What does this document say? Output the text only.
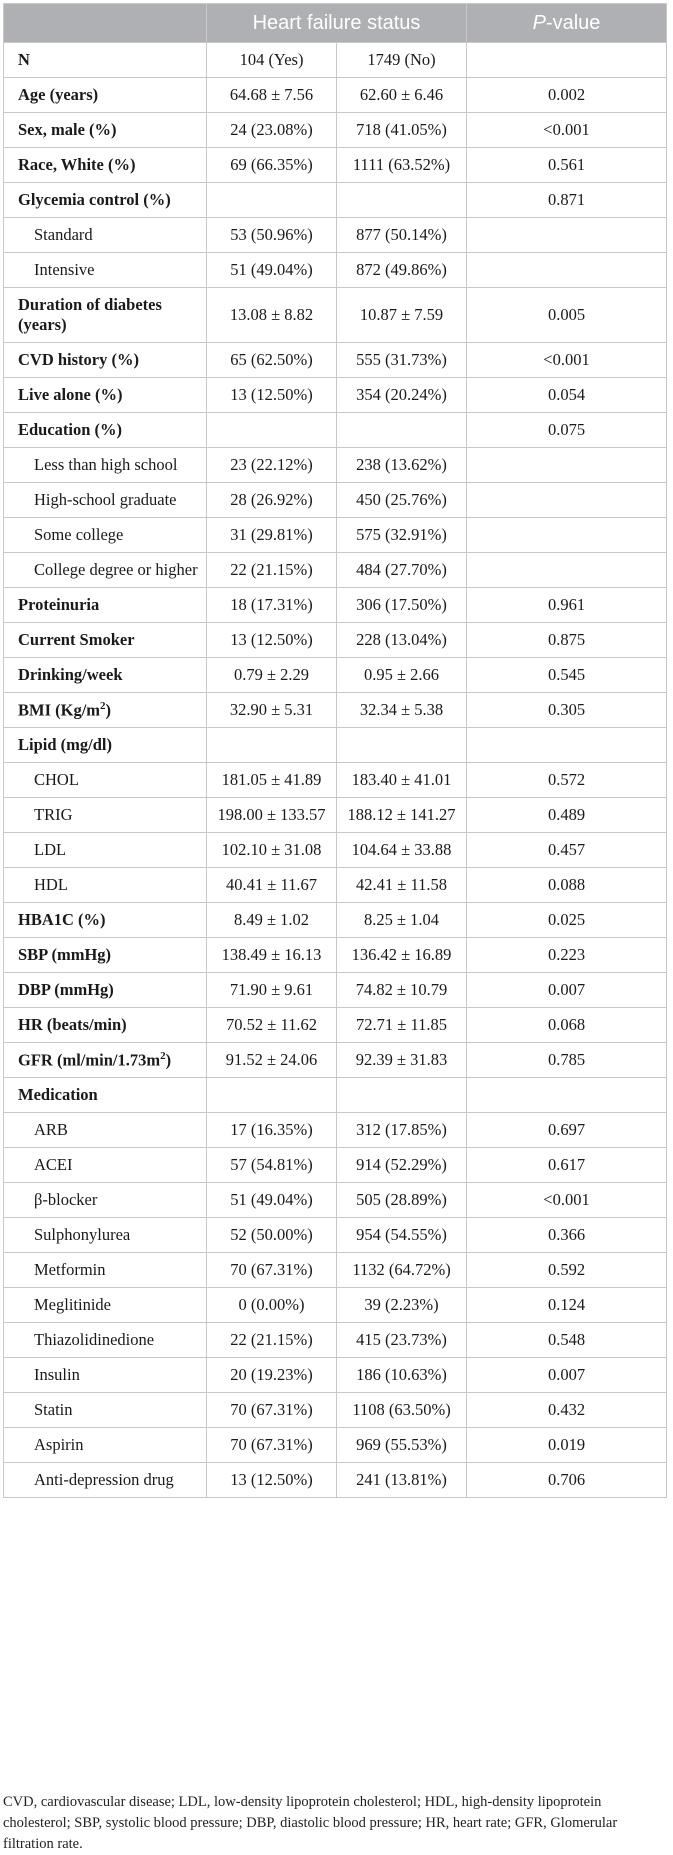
	Heart failure status		P-value
N	104 (Yes)	1749 (No)	
Age (years)	64.68 ± 7.56	62.60 ± 6.46	0.002
Sex, male (%)	24 (23.08%)	718 (41.05%)	<0.001
Race, White (%)	69 (66.35%)	1111 (63.52%)	0.561
Glycemia control (%)			0.871
Standard	53 (50.96%)	877 (50.14%)	
Intensive	51 (49.04%)	872 (49.86%)	
Duration of diabetes (years)	13.08 ± 8.82	10.87 ± 7.59	0.005
CVD history (%)	65 (62.50%)	555 (31.73%)	<0.001
Live alone (%)	13 (12.50%)	354 (20.24%)	0.054
Education (%)			0.075
Less than high school	23 (22.12%)	238 (13.62%)	
High-school graduate	28 (26.92%)	450 (25.76%)	
Some college	31 (29.81%)	575 (32.91%)	
College degree or higher	22 (21.15%)	484 (27.70%)	
Proteinuria	18 (17.31%)	306 (17.50%)	0.961
Current Smoker	13 (12.50%)	228 (13.04%)	0.875
Drinking/week	0.79 ± 2.29	0.95 ± 2.66	0.545
BMI $(Kg/m^2)$	32.90 ± 5.31	32.34 ± 5.38	0.305
Lipid (mg/dl)			
CHOL	181.05 ± 41.89	183.40 ± 41.01	0.572
TRIG	198.00 ± 133.57	188.12 ± 141.27	0.489
LDL	102.10 ± 31.08	104.64 ± 33.88	0.457
HDL	40.41 ± 11.67	42.41 ± 11.58	0.088
HBA1C (%)	8.49 ± 1.02	8.25 ± 1.04	0.025
SBP (mmHg)	138.49 ± 16.13	136.42 ± 16.89	0.223
DBP (mmHg)	71.90 ± 9.61	74.82 ± 10.79	0.007
HR (beats/min)	70.52 ± 11.62	72.71 ± 11.85	0.068
GFR $(ml/\min/1.73m^2)$	91.52 ± 24.06	92.39 ± 31.83	0.785
Medication			
ARB	17 (16.35%)	312 (17.85%)	0.697
ACEI	57 (54.81%)	914 (52.29%)	0.617
β-blocker	51 (49.04%)	505 (28.89%)	<0.001
Sulphonylurea	52 (50.00%)	954 (54.55%)	0.366
Metformin	70 (67.31%)	1132 (64.72%)	0.592
Meglitinide	0 (0.00%)	39 (2.23%)	0.124
Thiazolidinedione	22 (21.15%)	415 (23.73%)	0.548
Insulin	20 (19.23%)	186 (10.63%)	0.007
Statin	70 (67.31%)	1108 (63.50%)	0.432
Aspirin	70 (67.31%)	969 (55.53%)	0.019
Anti-depression drug	13 (12.50%)	241 (13.81%)	0.706
CVD, cardiovascular disease; LDL, low-density lipoprotein cholesterol; HDL, high-density lipoprotein cholesterol; SBP, systolic blood pressure; DBP, diastolic blood pressure; HR, heart rate; GFR, Glomerular filtration rate.
